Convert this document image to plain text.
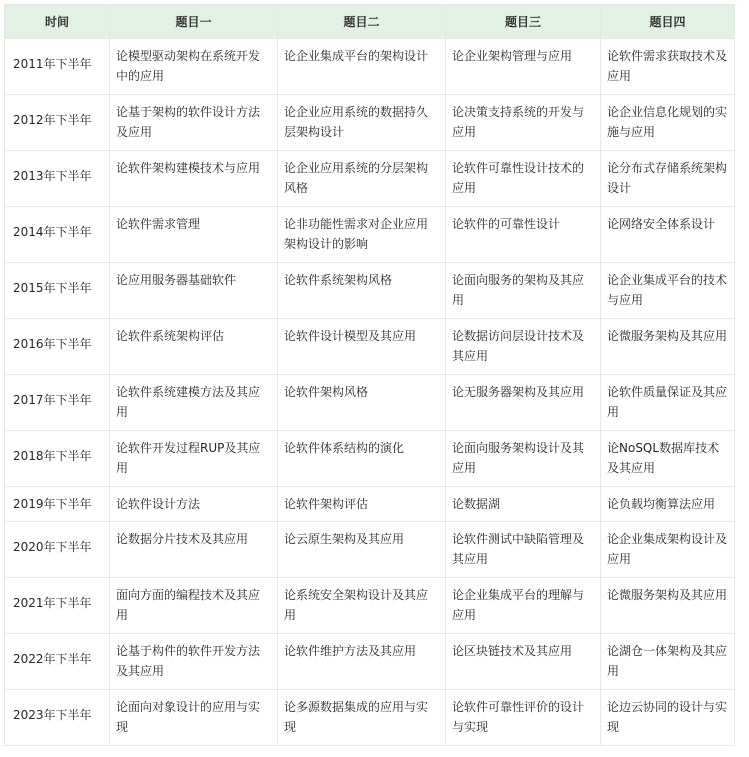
时间	题目一	题目二	题目三	题目四
2011年下半年	论模型驱动架构在系统开发中的应用	论企业集成平台的架构设计	论企业架构管理与应用	论软件需求获取技术及应用
2012年下半年	论基于架构的软件设计方法及应用	论企业应用系统的数据持久层架构设计	论决策支持系统的开发与应用	论企业信息化规划的实施与应用
2013年下半年	论软件架构建模技术与应用	论企业应用系统的分层架构风格	论软件可靠性设计技术的应用	论分布式存储系统架构设计
2014年下半年	论软件需求管理	论非功能性需求对企业应用架构设计的影响	论软件的可靠性设计	论网络安全体系设计
2015年下半年	论应用服务器基础软件	论软件系统架构风格	论面向服务的架构及其应用	论企业集成平台的技术与应用
2016年下半年	论软件系统架构评估	论软件设计模型及其应用	论数据访问层设计技术及其应用	论微服务架构及其应用
2017年下半年	论软件系统建模方法及其应用	论软件架构风格	论无服务器架构及其应用	论软件质量保证及其应用
2018年下半年	论软件开发过程RUP及其应用	论软件体系结构的演化	论面向服务架构设计及其应用	论NoSQL数据库技术及其应用
2019年下半年	论软件设计方法	论软件架构评估	论数据湖	论负载均衡算法应用
2020年下半年	论数据分片技术及其应用	论云原生架构及其应用	论软件测试中缺陷管理及其应用	论企业集成架构设计及应用
2021年下半年	面向方面的编程技术及其应用	论系统安全架构设计及其应用	论企业集成平台的理解与应用	论微服务架构及其应用
2022年下半年	论基于构件的软件开发方法及其应用	论软件维护方法及其应用	论区块链技术及其应用	论湖仓一体架构及其应用
2023年下半年	论面向对象设计的应用与实现	论多源数据集成的应用与实现	论软件可靠性评价的设计与实现	论边云协同的设计与实现
